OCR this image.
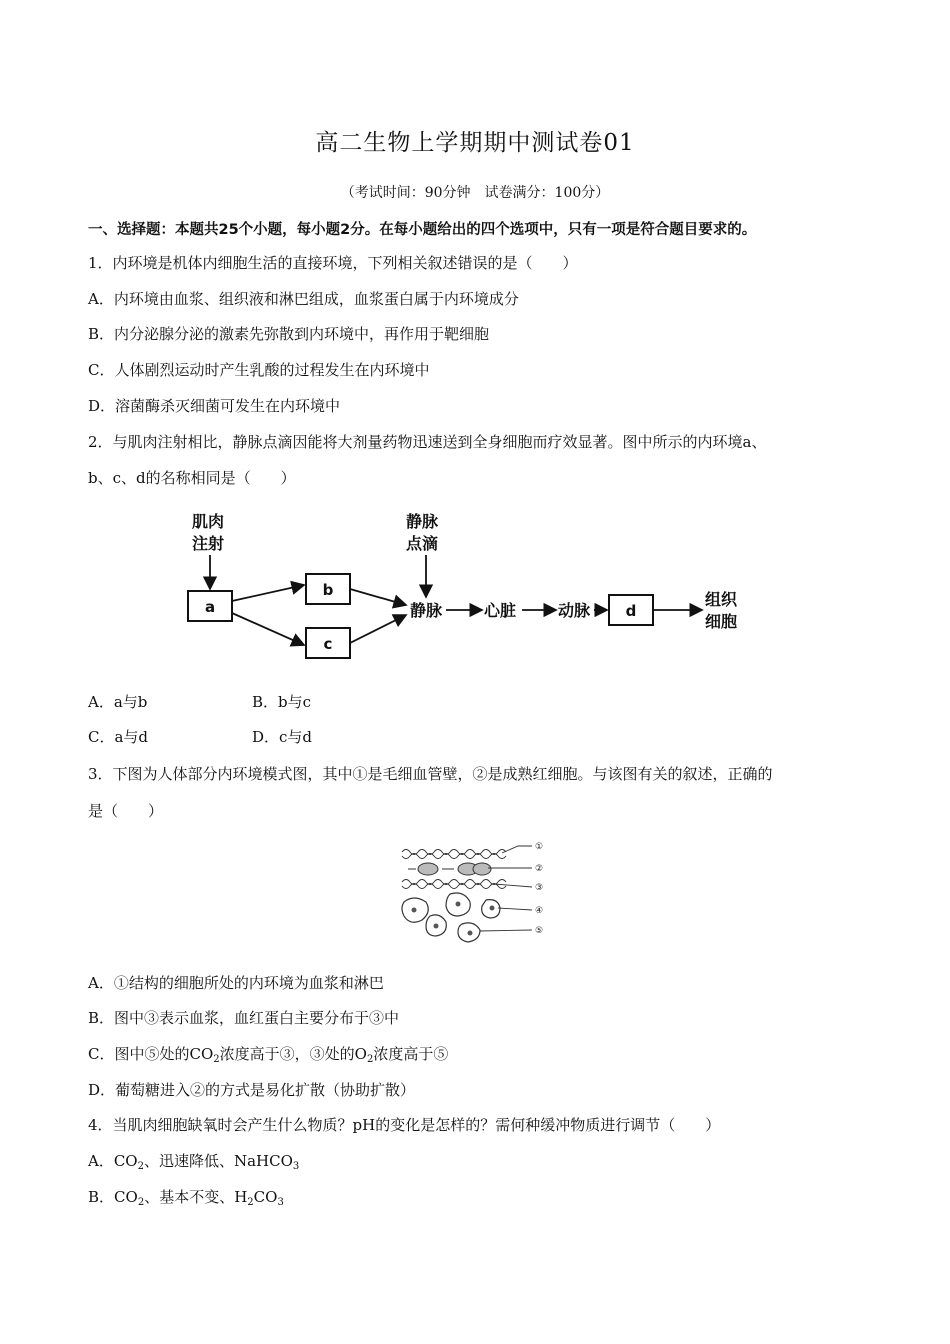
高二生物上学期期中测试卷01
（考试时间：90分钟　试卷满分：100分）
一、选择题：本题共25个小题，每小题2分。在每小题给出的四个选项中，只有一项是符合题目要求的。
1．内环境是机体内细胞生活的直接环境，下列相关叙述错误的是（　　）
A．内环境由血浆、组织液和淋巴组成，血浆蛋白属于内环境成分
B．内分泌腺分泌的激素先弥散到内环境中，再作用于靶细胞
C．人体剧烈运动时产生乳酸的过程发生在内环境中
D．溶菌酶杀灭细菌可发生在内环境中
2．与肌肉注射相比，静脉点滴因能将大剂量药物迅速送到全身细胞而疗效显著。图中所示的内环境a、
b、c、d的名称相同是（　　）
肌肉
注射
静脉
点滴
静脉	心脏	动脉
组织
细胞
a
b
c
d
A．a与b	B．b与c
C．a与d	D．c与d
3．下图为人体部分内环境模式图，其中①是毛细血管壁，②是成熟红细胞。与该图有关的叙述，正确的
是（　　）
①
②
③
④
⑤
A．①结构的细胞所处的内环境为血浆和淋巴
B．图中③表示血浆，血红蛋白主要分布于③中
C．图中⑤处的$CO_2$浓度高于③，③处的$O_2$浓度高于⑤
D．葡萄糖进入②的方式是易化扩散（协助扩散）
4．当肌肉细胞缺氧时会产生什么物质？pH的变化是怎样的？需何种缓冲物质进行调节（　　）
A．$CO_2$、迅速降低、NaHCO$_3$
B．$CO_2$、基本不变、$H_2CO_3$
